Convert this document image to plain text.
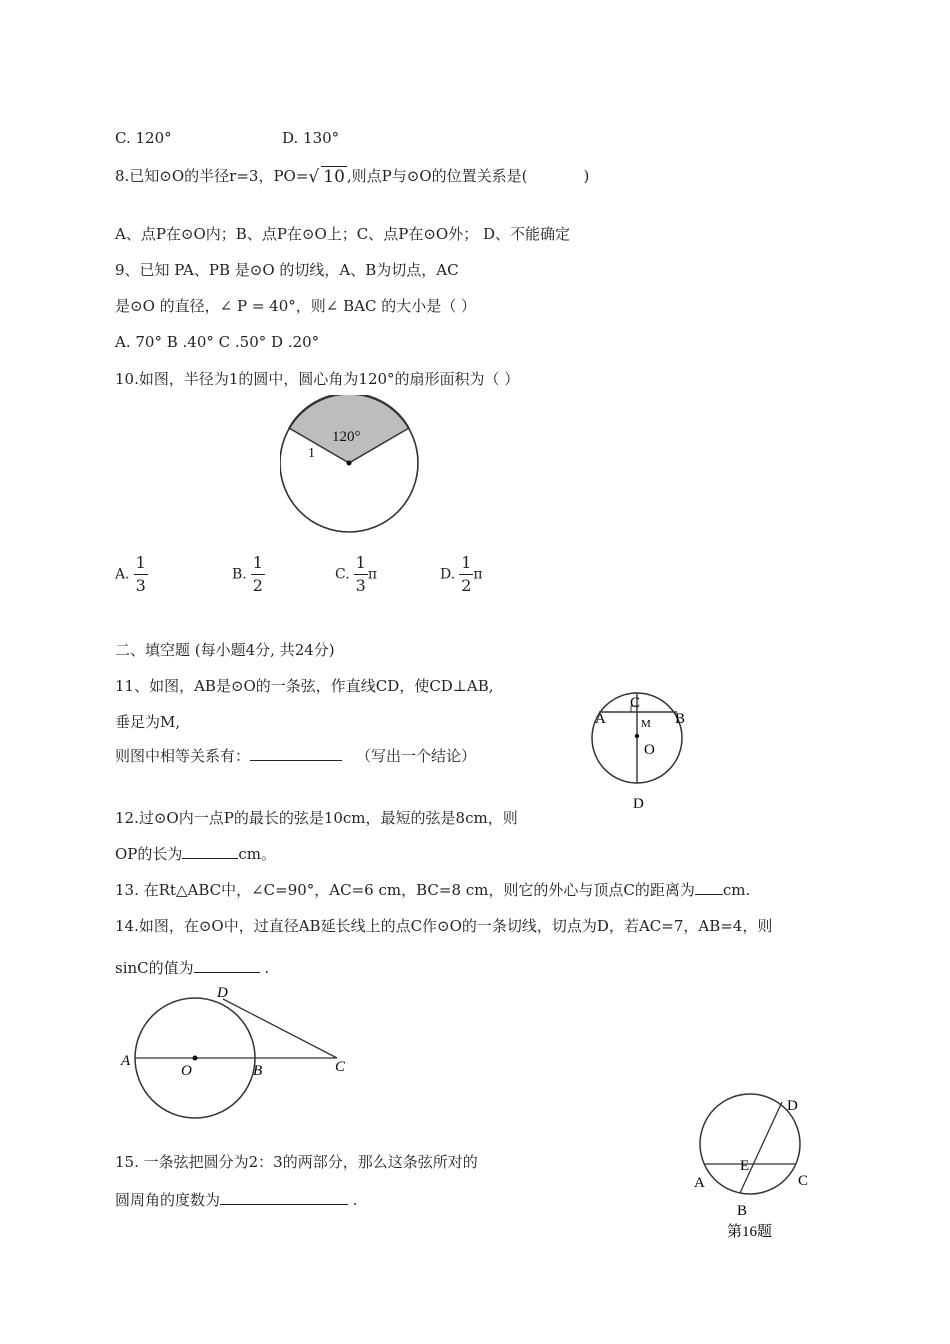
C. 120°	D. 130°
8.已知⊙O的半径r=3，PO=√ 10 ,则点P与⊙O的位置关系是(	)
A、点P在⊙O内；B、点P在⊙O上；C、点P在⊙O外； D、不能确定
9、已知 PA、PB 是⊙O 的切线，A、B为切点，AC
是⊙O 的直径，∠ P = 40°，则∠ BAC 的大小是（ ）
A. 70° B .40° C .50° D .20°
10.如图，半径为1的圆中，圆心角为120°的扇形面积为（ ）
120°
1
A. $\frac{1}{3}$	B. $\frac{1}{2}$	C. $\frac{1}{3}$ π	D. $\frac{1}{2}$ π
二、填空题 (每小题4分, 共24分)
11、如图，AB是⊙O的一条弦，作直线CD，使CD⊥AB,
垂足为M,
则图中相等关系有：	（写出一个结论）
A	B
C
M
O
D
12.过⊙O内一点P的最长的弦是10cm，最短的弦是8cm，则
OP的长为	cm。
13. 在Rt△ABC中，∠C=90°，AC=6 cm，BC=8 cm，则它的外心与顶点C的距离为 cm.
14.如图，在⊙O中，过直径AB延长线上的点C作⊙O的一条切线，切点为D，若AC=7，AB=4，则
sinC的值为	.
D
A
O	B	C
15. 一条弦把圆分为2：3的两部分，那么这条弦所对的
圆周角的度数为	.
D
E
A	C
B
第16题
